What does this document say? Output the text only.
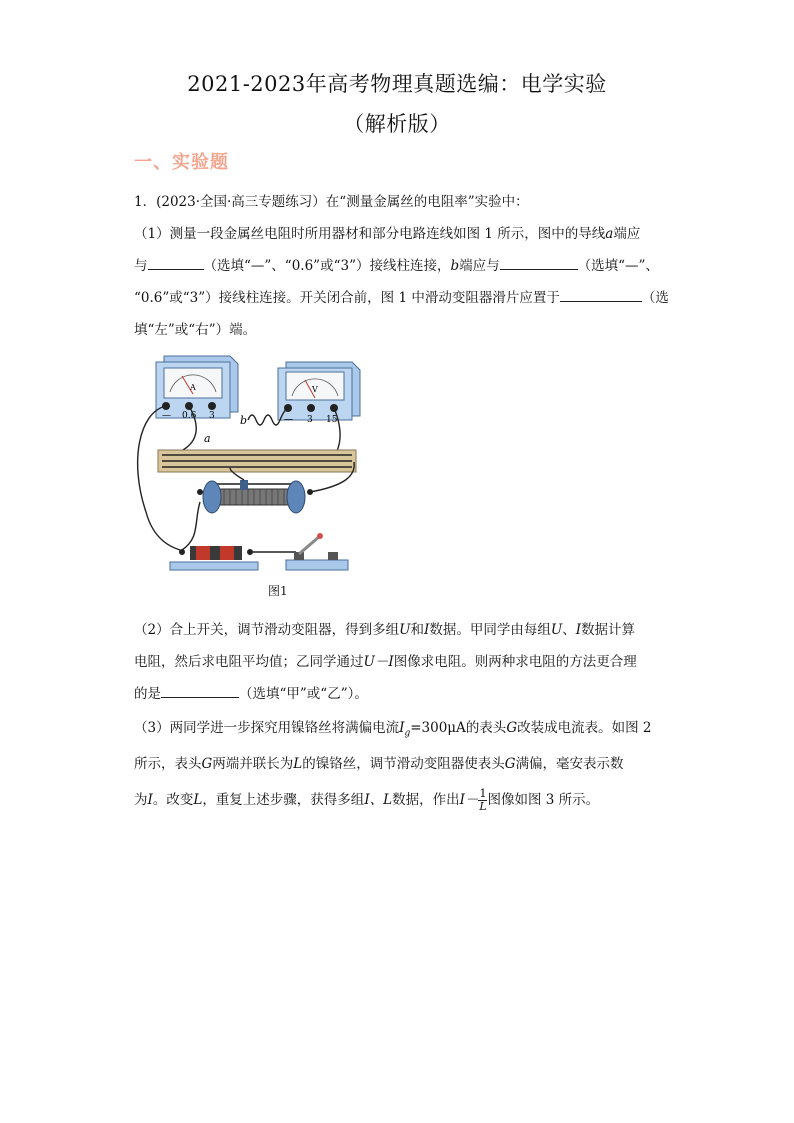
2021-2023年高考物理真题选编：电学实验
（解析版）
一、实验题
1．(2023·全国·高三专题练习）在“测量金属丝的电阻率”实验中：
（1）测量一段金属丝电阻时所用器材和部分电路连线如图 1 所示，图中的导线a端应
与	（选填“—”、“0.6”或“3”）接线柱连接，b端应与	（选填“—”、
“0.6”或“3”）接线柱连接。开关闭合前，图 1 中滑动变阻器滑片应置于	（选
填“左”或“右”）端。
A
— 0.6 3
V
— 3 15
a
b
图1
（2）合上开关，调节滑动变阻器，得到多组U和I数据。甲同学由每组U、I数据计算
电阻，然后求电阻平均值；乙同学通过U－I图像求电阻。则两种求电阻的方法更合理
的是	（选填“甲”或“乙”）。
（3）两同学进一步探究用镍铬丝将满偏电流$I_g=300\mu A$的表头G改装成电流表。如图 2
所示，表头G两端并联长为L的镍铬丝，调节滑动变阻器使表头G满偏，毫安表示数
为I。改变L，重复上述步骤，获得多组I、L数据，作出$I- \frac{1}{L}$ 图像如图 3 所示。
